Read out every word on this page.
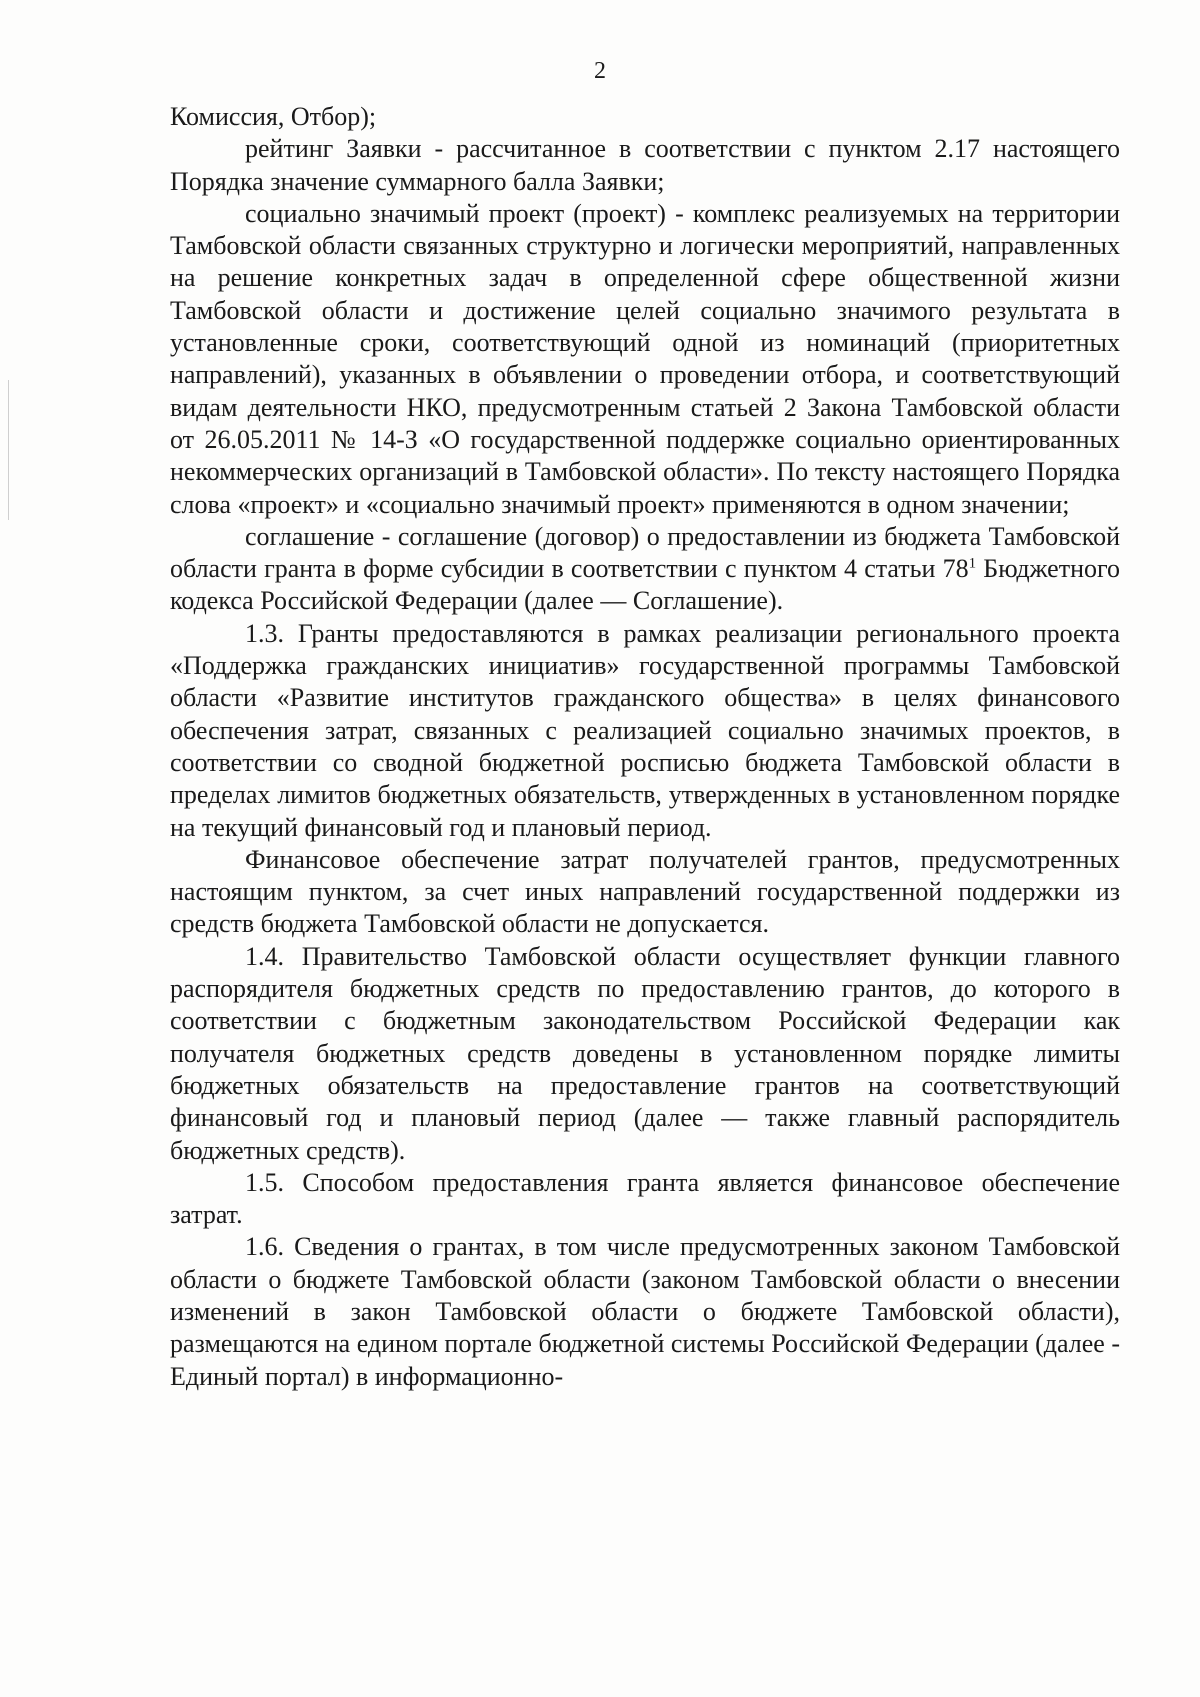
2

Комиссия, Отбор);

рейтинг Заявки - рассчитанное в соответствии с пунктом 2.17 настоящего Порядка значение суммарного балла Заявки;

социально значимый проект (проект) - комплекс реализуемых на территории Тамбовской области связанных структурно и логически мероприятий, направленных на решение конкретных задач в определенной сфере общественной жизни Тамбовской области и достижение целей социально значимого результата в установленные сроки, соответствующий одной из номинаций (приоритетных направлений), указанных в объявлении о проведении отбора, и соответствующий видам деятельности НКО, предусмотренным статьей 2 Закона Тамбовской области от 26.05.2011 № 14-З «О государственной поддержке социально ориентированных некоммерческих организаций в Тамбовской области». По тексту настоящего Порядка слова «проект» и «социально значимый проект» применяются в одном значении;

соглашение - соглашение (договор) о предоставлении из бюджета Тамбовской области гранта в форме субсидии в соответствии с пунктом 4 статьи $78^1$ Бюджетного кодекса Российской Федерации (далее — Соглашение).

1.3. Гранты предоставляются в рамках реализации регионального проекта «Поддержка гражданских инициатив» государственной программы Тамбовской области «Развитие институтов гражданского общества» в целях финансового обеспечения затрат, связанных с реализацией социально значимых проектов, в соответствии со сводной бюджетной росписью бюджета Тамбовской области в пределах лимитов бюджетных обязательств, утвержденных в установленном порядке на текущий финансовый год и плановый период.

Финансовое обеспечение затрат получателей грантов, предусмотренных настоящим пунктом, за счет иных направлений государственной поддержки из средств бюджета Тамбовской области не допускается.

1.4. Правительство Тамбовской области осуществляет функции главного распорядителя бюджетных средств по предоставлению грантов, до которого в соответствии с бюджетным законодательством Российской Федерации как получателя бюджетных средств доведены в установленном порядке лимиты бюджетных обязательств на предоставление грантов на соответствующий финансовый год и плановый период (далее — также главный распорядитель бюджетных средств).

1.5. Способом предоставления гранта является финансовое обеспечение затрат.

1.6. Сведения о грантах, в том числе предусмотренных законом Тамбовской области о бюджете Тамбовской области (законом Тамбовской области о внесении изменений в закон Тамбовской области о бюджете Тамбовской области), размещаются на едином портале бюджетной системы Российской Федерации (далее - Единый портал) в информационно-
